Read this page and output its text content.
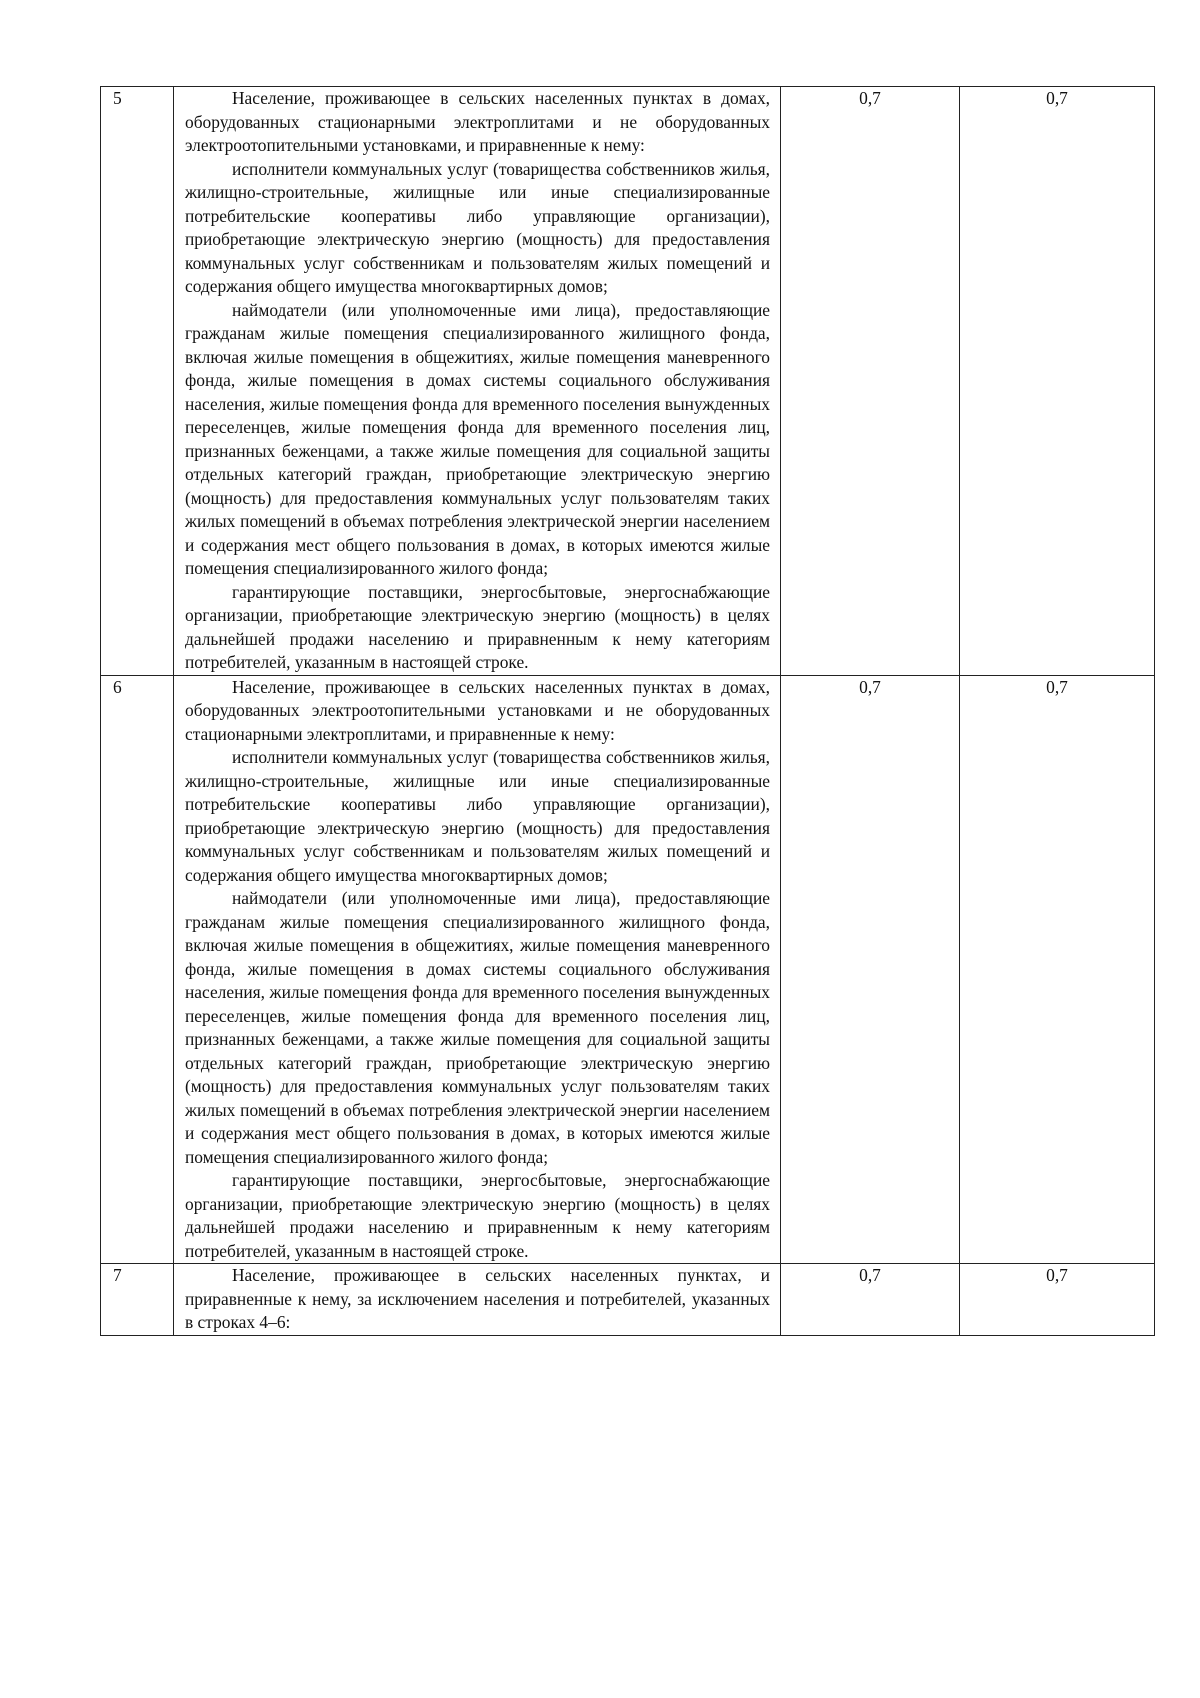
5	Население, проживающее в сельских населенных пунктах в домах, оборудованных стационарными электроплитами и не оборудованных электроотопительными установками, и приравненные к нему:

исполнители коммунальных услуг (товарищества собственников жилья, жилищно-строительные, жилищные или иные специализированные потребительские кооперативы либо управляющие организации), приобретающие электрическую энергию (мощность) для предоставления коммунальных услуг собственникам и пользователям жилых помещений и содержания общего имущества многоквартирных домов;

наймодатели (или уполномоченные ими лица), предоставляющие гражданам жилые помещения специализированного жилищного фонда, включая жилые помещения в общежитиях, жилые помещения маневренного фонда, жилые помещения в домах системы социального обслуживания населения, жилые помещения фонда для временного поселения вынужденных переселенцев, жилые помещения фонда для временного поселения лиц, признанных беженцами, а также жилые помещения для социальной защиты отдельных категорий граждан, приобретающие электрическую энергию (мощность) для предоставления коммунальных услуг пользователям таких жилых помещений в объемах потребления электрической энергии населением и содержания мест общего пользования в домах, в которых имеются жилые помещения специализированного жилого фонда;

гарантирующие поставщики, энергосбытовые, энергоснабжающие организации, приобретающие электрическую энергию (мощность) в целях дальнейшей продажи населению и приравненным к нему категориям потребителей, указанным в настоящей строке.	0,7	0,7
6	Население, проживающее в сельских населенных пунктах в домах, оборудованных электроотопительными установками и не оборудованных стационарными электроплитами, и приравненные к нему:

исполнители коммунальных услуг (товарищества собственников жилья, жилищно-строительные, жилищные или иные специализированные потребительские кооперативы либо управляющие организации), приобретающие электрическую энергию (мощность) для предоставления коммунальных услуг собственникам и пользователям жилых помещений и содержания общего имущества многоквартирных домов;

наймодатели (или уполномоченные ими лица), предоставляющие гражданам жилые помещения специализированного жилищного фонда, включая жилые помещения в общежитиях, жилые помещения маневренного фонда, жилые помещения в домах системы социального обслуживания населения, жилые помещения фонда для временного поселения вынужденных переселенцев, жилые помещения фонда для временного поселения лиц, признанных беженцами, а также жилые помещения для социальной защиты отдельных категорий граждан, приобретающие электрическую энергию (мощность) для предоставления коммунальных услуг пользователям таких жилых помещений в объемах потребления электрической энергии населением и содержания мест общего пользования в домах, в которых имеются жилые помещения специализированного жилого фонда;

гарантирующие поставщики, энергосбытовые, энергоснабжающие организации, приобретающие электрическую энергию (мощность) в целях дальнейшей продажи населению и приравненным к нему категориям потребителей, указанным в настоящей строке.	0,7	0,7
7	Население, проживающее в сельских населенных пунктах, и приравненные к нему, за исключением населения и потребителей, указанных в строках 4–6:	0,7	0,7
